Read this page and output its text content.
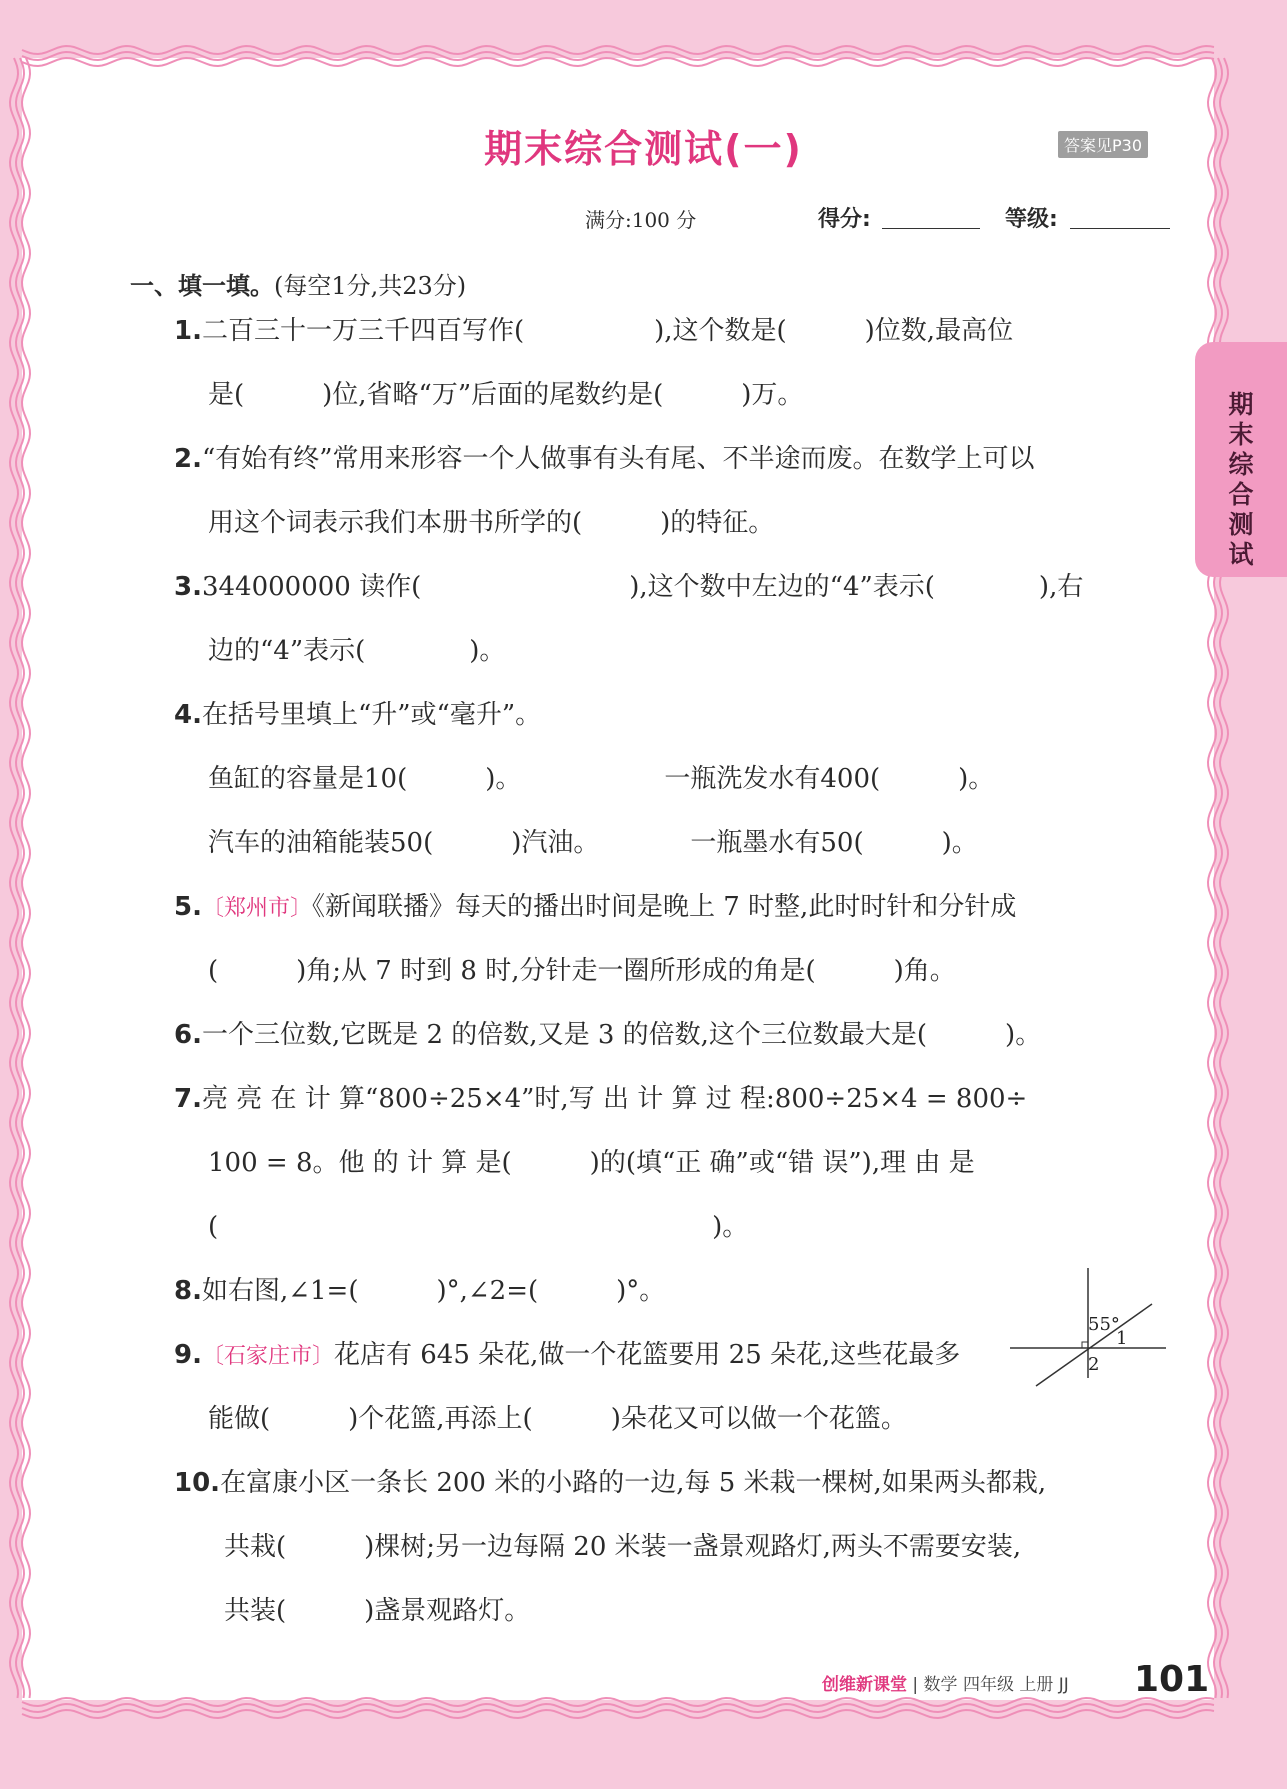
期末综合测试(一)	答案见P30
满分:100 分	得分:	等级:
期末综合测试
一、填一填。(每空1分,共23分)
1.二百三十一万三千四百写作(　　　　　),这个数是(　　　)位数,最高位
是(　　　)位,省略“万”后面的尾数约是(　　　)万。
2.“有始有终”常用来形容一个人做事有头有尾、不半途而废。在数学上可以
用这个词表示我们本册书所学的(　　　)的特征。
3.344000000 读作(　　　　　　　　),这个数中左边的“4”表示(　　　　),右
边的“4”表示(　　　　)。
4.在括号里填上“升”或“毫升”。
鱼缸的容量是10(　　　)。　　　　　　一瓶洗发水有400(　　　)。
汽车的油箱能装50(　　　)汽油。　　　　一瓶墨水有50(　　　)。
5.〔郑州市〕《新闻联播》每天的播出时间是晚上 7 时整,此时时针和分针成
(　　　)角;从 7 时到 8 时,分针走一圈所形成的角是(　　　)角。
6.一个三位数,它既是 2 的倍数,又是 3 的倍数,这个三位数最大是(　　　)。
7.亮 亮 在 计 算“800÷25×4”时,写 出 计 算 过 程:800÷25×4 = 800÷
100 = 8。他 的 计 算 是(　　　)的(填“正 确”或“错 误”),理 由 是
(　　　　　　　　　　　　　　　　　　　)。
8.如右图,∠1=(　　　)°,∠2=(　　　)°。
9.〔石家庄市〕花店有 645 朵花,做一个花篮要用 25 朵花,这些花最多
能做(　　　)个花篮,再添上(　　　)朵花又可以做一个花篮。
10.在富康小区一条长 200 米的小路的一边,每 5 米栽一棵树,如果两头都栽,
共栽(　　　)棵树;另一边每隔 20 米装一盏景观路灯,两头不需要安装,
共装(　　　)盏景观路灯。
55°
1
2
创维新课堂 | 数学 四年级 上册 JJ 101
